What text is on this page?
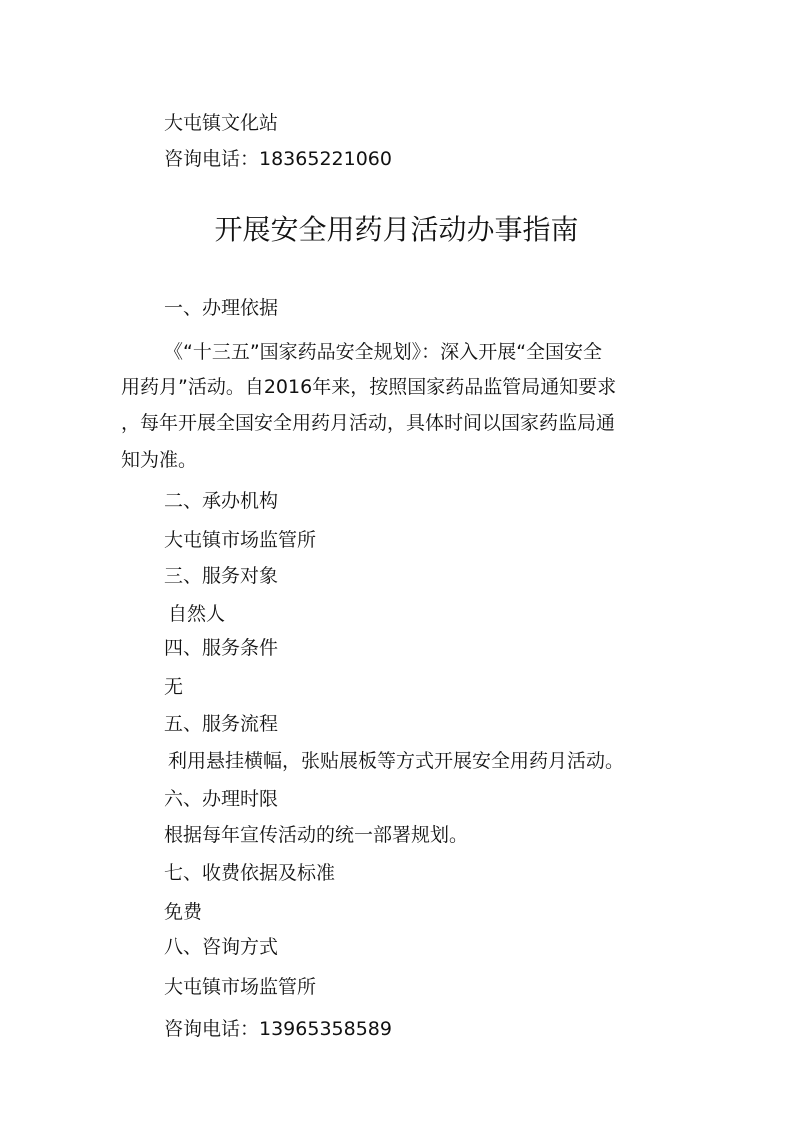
大屯镇文化站
咨询电话：18365221060
开展安全用药月活动办事指南
一、办理依据
《“十三五”国家药品安全规划》：深入开展“全国安全
用药月”活动。自2016年来，按照国家药品监管局通知要求
，每年开展全国安全用药月活动，具体时间以国家药监局通
知为准。
二、承办机构
大屯镇市场监管所
三、服务对象
自然人
四、服务条件
无
五、服务流程
利用悬挂横幅，张贴展板等方式开展安全用药月活动。
六、办理时限
根据每年宣传活动的统一部署规划。
七、收费依据及标准
免费
八、咨询方式
大屯镇市场监管所
咨询电话：13965358589
